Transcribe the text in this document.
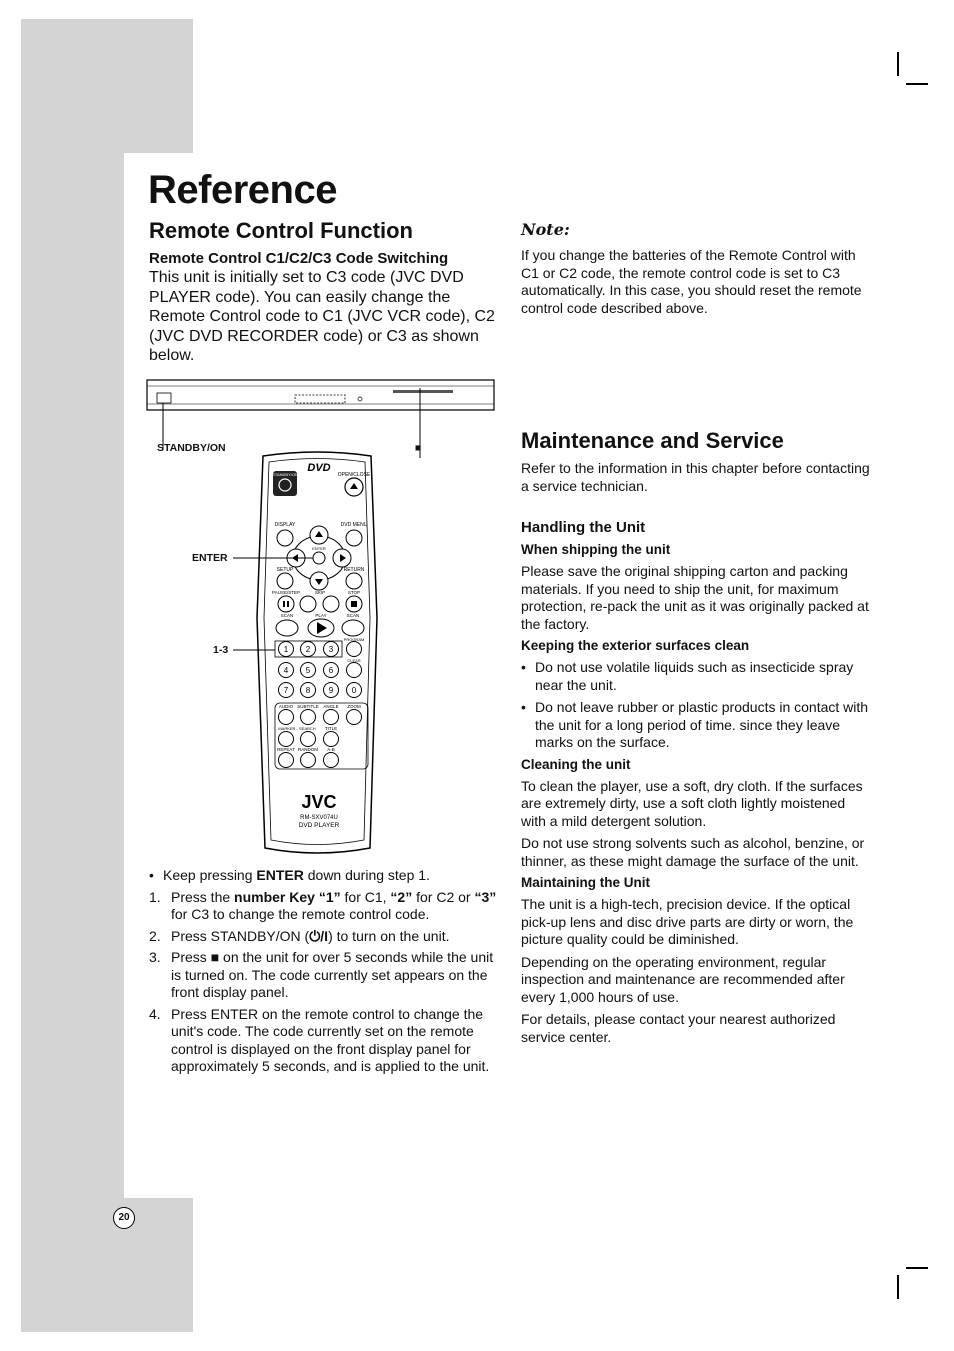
Reference
Remote Control Function

Remote Control C1/C2/C3 Code Switching

This unit is initially set to C3 code (JVC DVD PLAYER code). You can easily change the Remote Control code to C1 (JVC VCR code), C2 (JVC DVD RECORDER code) or C3 as shown below.

DVD
STANDBY/ON	OPEN/CLOSE
DISPLAY	DVD MENU
ENTER
SETUP	RETURN
PAUSE/STEP	SKIP	STOP
SCAN	PLAY	SCAN
PROGRAM
CLEAR
1 2 3
4 5 6
7 8 9 0
AUDIO SUBTITLE ANGLE ZOOM
MARKER - SEARCH TITLE
REPEAT RANDOM A-B
JVC
RM-SXV074U
DVD PLAYER
STANDBY/ON	■
ENTER
1-3

• Keep pressing ENTER down during step 1.

1. Press the number Key “1” for C1, “2” for C2 or “3” for C3 to change the remote control code.

2. Press STANDBY/ON (⏻/I) to turn on the unit.

3. Press ■ on the unit for over 5 seconds while the unit is turned on. The code currently set appears on the front display panel.

4. Press ENTER on the remote control to change the unit's code. The code currently set on the remote control is displayed on the front display panel for approximately 5 seconds, and is applied to the unit.

Note:

If you change the batteries of the Remote Control with C1 or C2 code, the remote control code is set to C3 automatically. In this case, you should reset the remote control code described above.

Maintenance and Service

Refer to the information in this chapter before contacting a service technician.

Handling the Unit

When shipping the unit

Please save the original shipping carton and packing materials. If you need to ship the unit, for maximum protection, re-pack the unit as it was originally packed at the factory.

Keeping the exterior surfaces clean

• Do not use volatile liquids such as insecticide spray near the unit.

• Do not leave rubber or plastic products in contact with the unit for a long period of time. since they leave marks on the surface.

Cleaning the unit

To clean the player, use a soft, dry cloth. If the surfaces are extremely dirty, use a soft cloth lightly moistened with a mild detergent solution.

Do not use strong solvents such as alcohol, benzine, or thinner, as these might damage the surface of the unit.

Maintaining the Unit

The unit is a high-tech, precision device. If the optical pick-up lens and disc drive parts are dirty or worn, the picture quality could be diminished.

Depending on the operating environment, regular inspection and maintenance are recommended after every 1,000 hours of use.

For details, please contact your nearest authorized service center.

20
